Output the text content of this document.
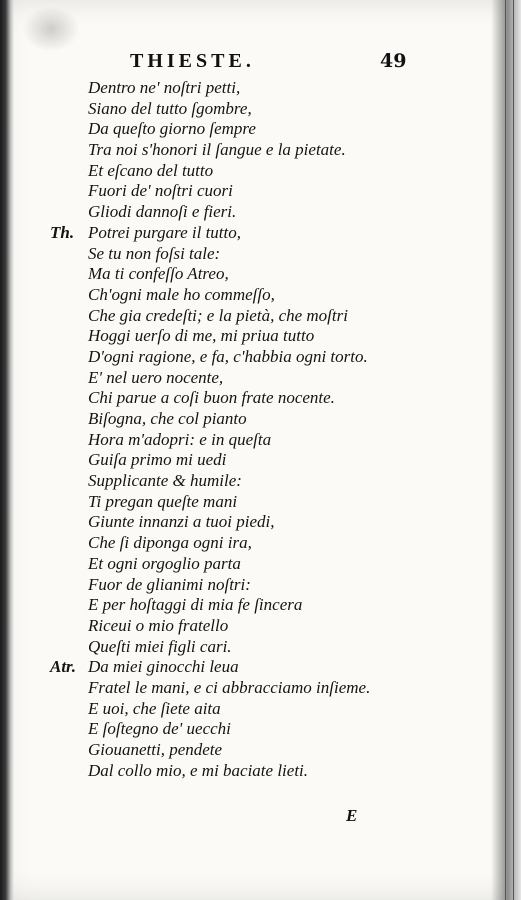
THIESTE.	49
Dentro ne' noſtri petti,
Siano del tutto ſgombre,
Da queſto giorno ſempre
Tra noi s'honori il ſangue e la pietate.
Et eſcano del tutto
Fuori de' noſtri cuori
Gliodi dannoſi e fieri.
Th. Potrei purgare il tutto,
Se tu non foſsi tale:
Ma ti confeſſo Atreo,
Ch'ogni male ho commeſſo,
Che gia credeſti; e la pietà, che moſtri
Hoggi uerſo di me, mi priua tutto
D'ogni ragione, e fa, c'habbia ogni torto.
E' nel uero nocente,
Chi parue a coſi buon frate nocente.
Biſogna, che col pianto
Hora m'adopri: e in queſta
Guiſa primo mi uedi
Supplicante & humile:
Ti pregan queſte mani
Giunte innanzi a tuoi piedi,
Che ſi diponga ogni ira,
Et ogni orgoglio parta
Fuor de glianimi noſtri:
E per hoſtaggi di mia fe ſincera
Riceui o mio fratello
Queſti miei figli cari.
Atr. Da miei ginocchi leua
Fratel le mani, e ci abbracciamo inſieme.
E uoi, che ſiete aita
E ſoſtegno de' uecchi
Giouanetti, pendete
Dal collo mio, e mi baciate lieti.
E
